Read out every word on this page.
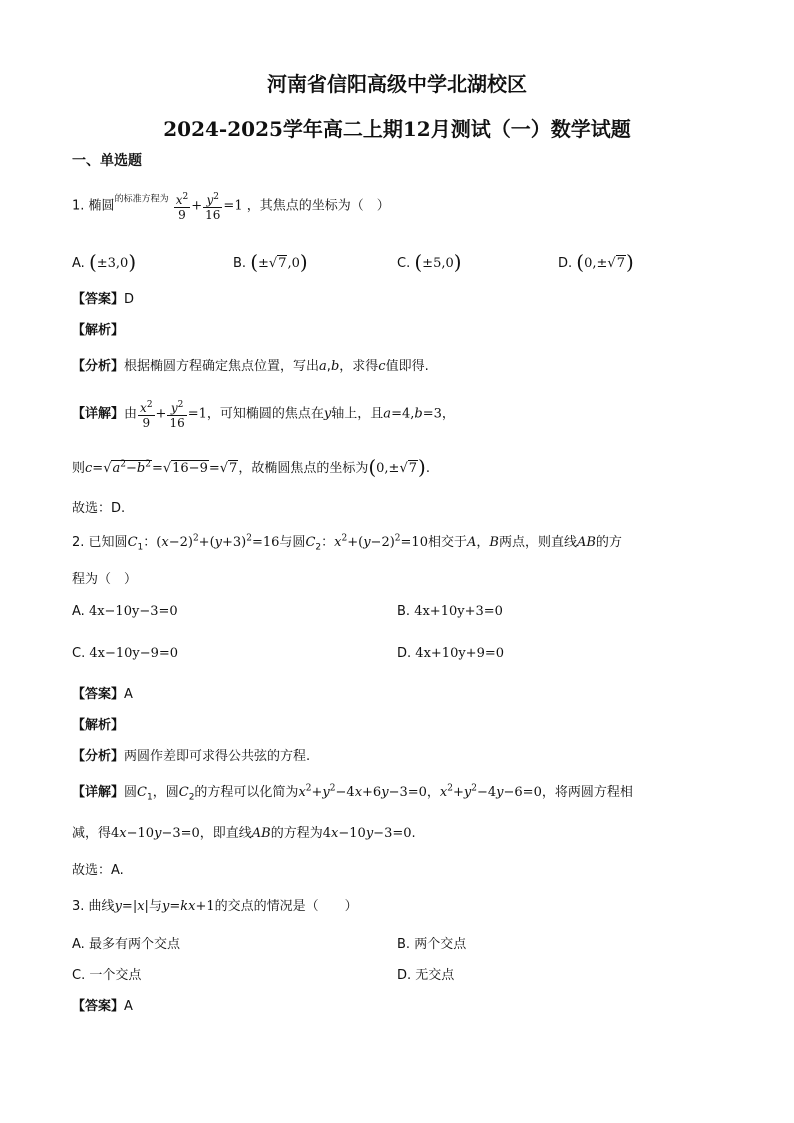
河南省信阳高级中学北湖校区
2024-2025学年高二上期12月测试（一）数学试题
一、单选题
1. 椭圆$^{的标准方程为} \frac{x^2}{9} + \frac{y^2}{16} =1$ ，其焦点的坐标为（　）
A. (±3,0)	B. (±√7,0)	C. (±5,0)	D. (0,±√7)
【答案】D
【解析】
【分析】根据椭圆方程确定焦点位置，写出a,b，求得c值即得.
【详解】由 $\frac{x^2}{9} + \frac{y^2}{16} =1$，可知椭圆的焦点在y轴上，且a=4,b=3，
则$c=√a^2-b^2=√16-9=√7$，故椭圆焦点的坐标为(0,±√7).
故选：D.
2. 已知圆$C_1$：$(x-2)^2+(y+3)^2=16$与圆$C_2$：$x^2+(y-2)^2=10$相交于A，B两点，则直线AB的方
程为（　）
A. 4x−10y−3=0	B. 4x+10y+3=0
C. 4x−10y−9=0	D. 4x+10y+9=0
【答案】A
【解析】
【分析】两圆作差即可求得公共弦的方程.
【详解】圆$C_1$，圆$C_2$的方程可以化简为$x^2+y^2-4x+6y-3=0$，$x^2+y^2-4y-6=0$，将两圆方程相
减，得4x−10y−3=0，即直线AB的方程为4x−10y−3=0.
故选：A.
3. 曲线y=|x|与y=kx+1的交点的情况是（　　）
A. 最多有两个交点	B. 两个交点
C. 一个交点	D. 无交点
【答案】A
